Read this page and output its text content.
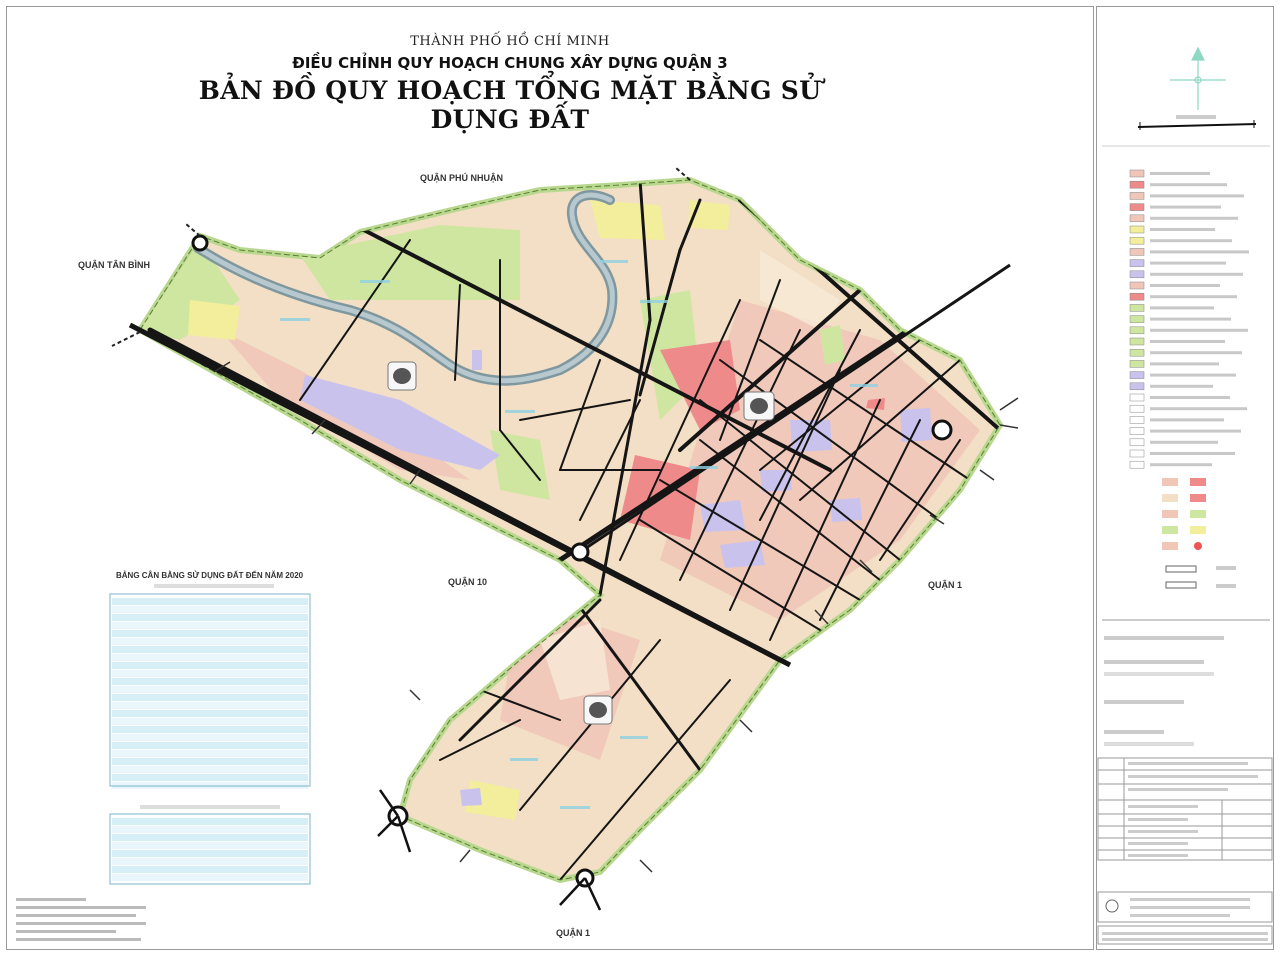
THÀNH PHỐ HỒ CHÍ MINH
ĐIỀU CHỈNH QUY HOẠCH CHUNG XÂY DỰNG QUẬN 3
BẢN ĐỒ QUY HOẠCH TỔNG MẶT BẰNG SỬ DỤNG ĐẤT
QUẬN PHÚ NHUẬN
QUẬN TÂN BÌNH
QUẬN 10	QUẬN 1
QUẬN 1
BẢNG CÂN BẰNG SỬ DỤNG ĐẤT ĐẾN NĂM 2020
